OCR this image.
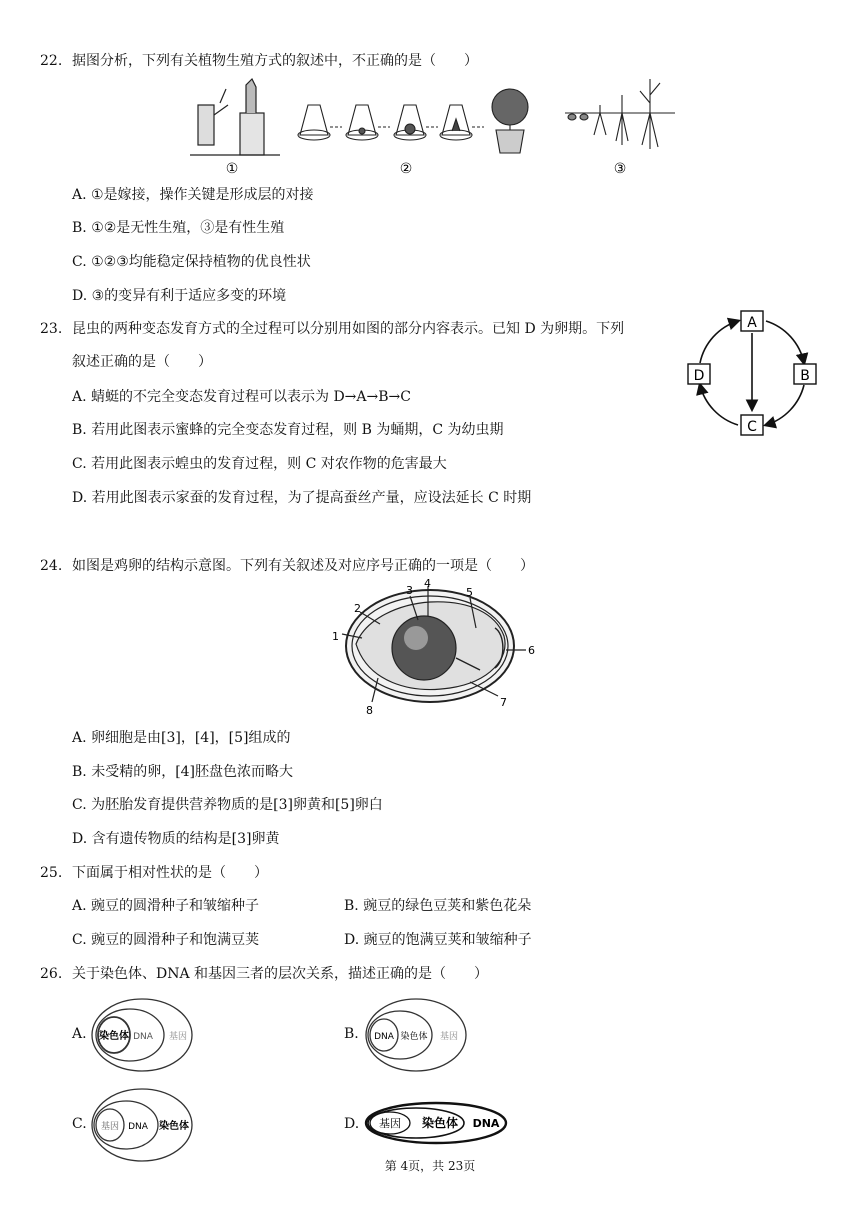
22. 据图分析，下列有关植物生殖方式的叙述中，不正确的是（　　）
①	②	③
A. ①是嫁接，操作关键是形成层的对接
B. ①②是无性生殖，③是有性生殖
C. ①②③均能稳定保持植物的优良性状
D. ③的变异有利于适应多变的环境
23. 昆虫的两种变态发育方式的全过程可以分别用如图的部分内容表示。已知 D 为卵期。下列
叙述正确的是（　　）
A
B
C
D
A. 蜻蜓的不完全变态发育过程可以表示为 D→A→B→C
B. 若用此图表示蜜蜂的完全变态发育过程，则 B 为蛹期，C 为幼虫期
C. 若用此图表示蝗虫的发育过程，则 C 对农作物的危害最大
D. 若用此图表示家蚕的发育过程，为了提高蚕丝产量，应设法延长 C 时期
24. 如图是鸡卵的结构示意图。下列有关叙述及对应序号正确的一项是（　　）
1
2
3
4
5
6
7
8
A. 卵细胞是由[3]，[4]，[5]组成的
B. 未受精的卵，[4]胚盘色浓而略大
C. 为胚胎发育提供营养物质的是[3]卵黄和[5]卵白
D. 含有遗传物质的结构是[3]卵黄
25. 下面属于相对性状的是（　　）
A. 豌豆的圆滑种子和皱缩种子	B. 豌豆的绿色豆荚和紫色花朵
C. 豌豆的圆滑种子和饱满豆荚	D. 豌豆的饱满豆荚和皱缩种子
26. 关于染色体、DNA 和基因三者的层次关系，描述正确的是（　　）
A. 染色体 DNA 基因	B. DNA 染色体 基因
C. 基因 DNA 染色体	D. 基因 染色体 DNA
第 4页，共 23页
